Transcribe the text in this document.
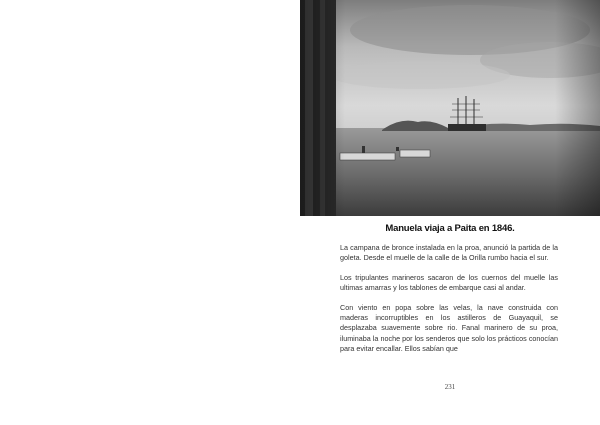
Manuela viaja a Paita en 1846.

La campana de bronce instalada en la proa, anunció la partida de la goleta. Desde el muelle de la calle de la Orilla rumbo hacia el sur.

Los tripulantes marineros sacaron de los cuernos del muelle las ultimas amarras y los tablones de embarque casi al andar.

Con viento en popa sobre las velas, la nave construida con maderas incorruptibles en los astilleros de Guayaquil, se desplazaba suavemente sobre rio. Fanal marinero de su proa, iluminaba la noche por los senderos que solo los prácticos conocían para evitar encallar. Ellos sabían que

231
